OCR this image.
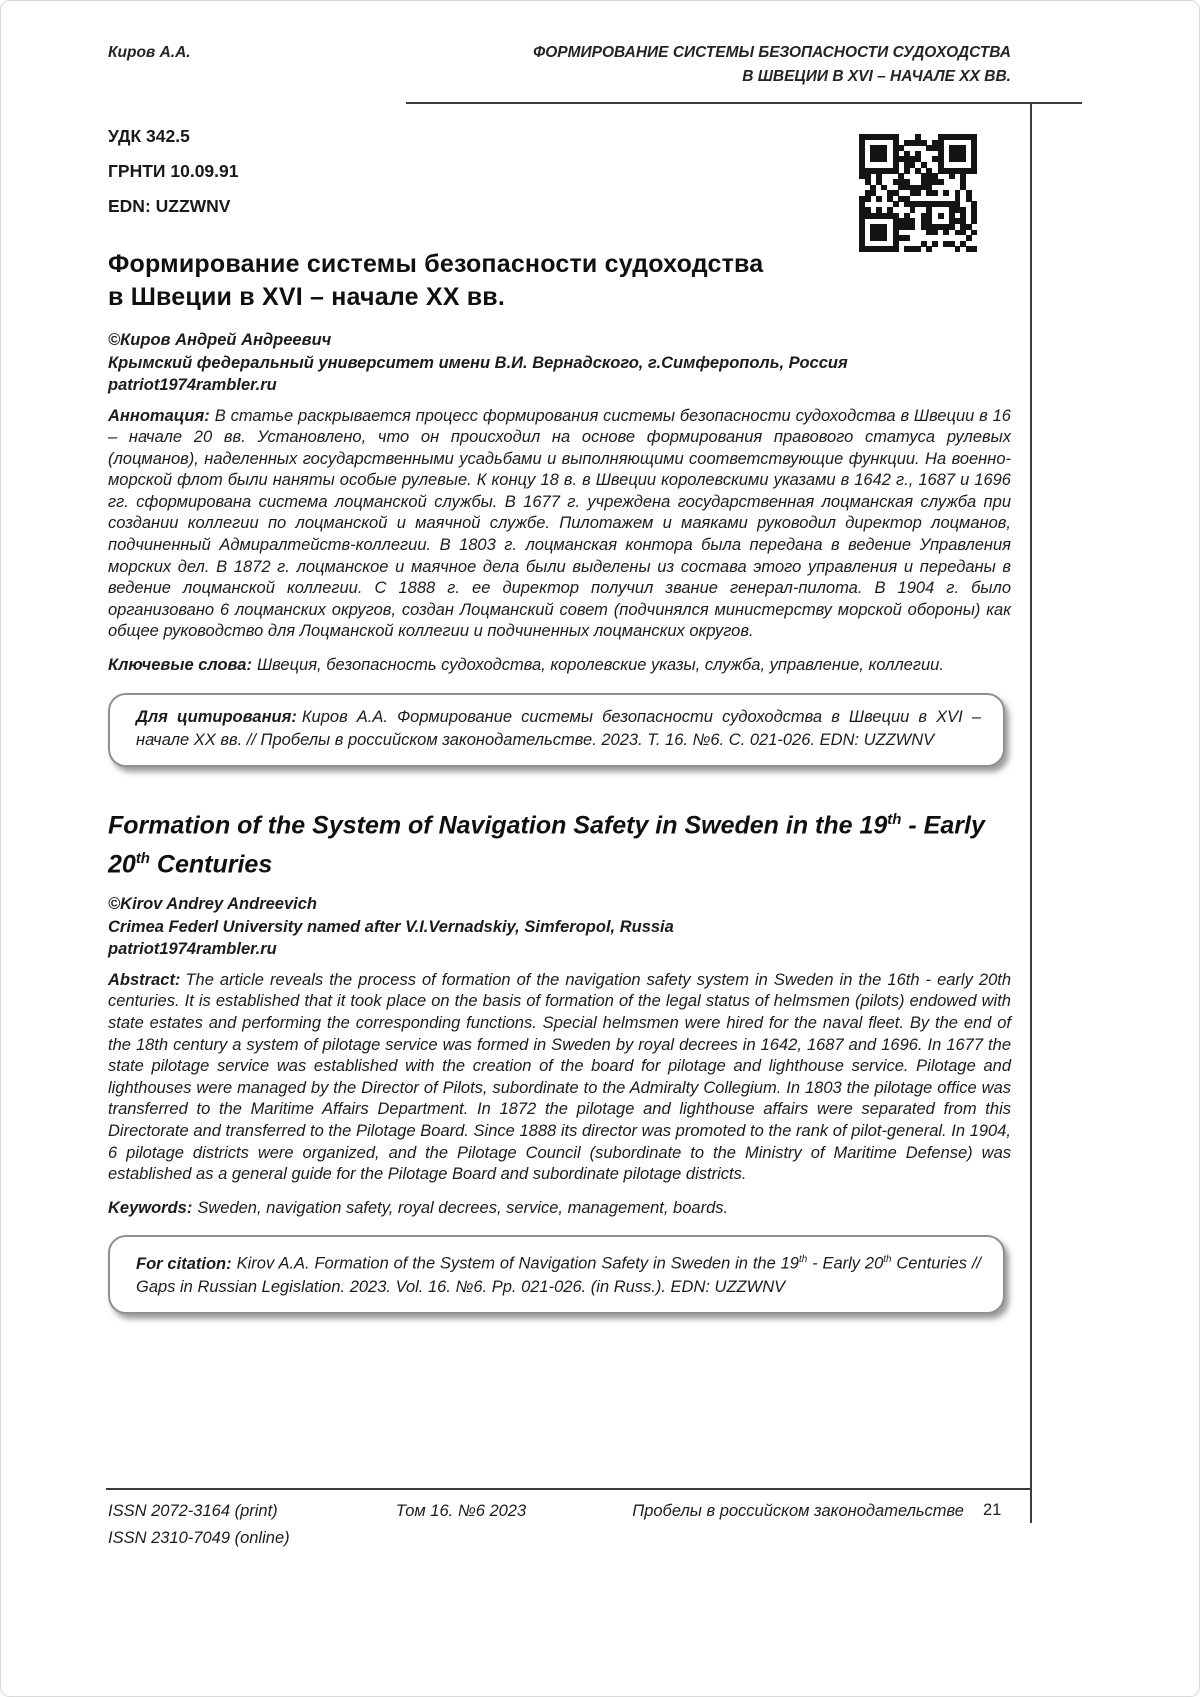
Киров А.А.	ФОРМИРОВАНИЕ СИСТЕМЫ БЕЗОПАСНОСТИ СУДОХОДСТВА
В ШВЕЦИИ В XVI – НАЧАЛЕ XX ВВ.
УДК 342.5
ГРНТИ 10.09.91
EDN: UZZWNV
Формирование системы безопасности судоходства
в Швеции в XVI – начале XX вв.
©Киров Андрей Андреевич
Крымский федеральный университет имени В.И. Вернадского, г.Симферополь, Россия
patriot1974rambler.ru

Аннотация: В статье раскрывается процесс формирования системы безопасности судоходства в Швеции в 16 – начале 20 вв. Установлено, что он происходил на основе формирования правового статуса рулевых (лоцманов), наделенных государственными усадьбами и выполняющими соответствующие функции. На военно-морской флот были наняты особые рулевые. К концу 18 в. в Швеции королевскими указами в 1642 г., 1687 и 1696 гг. сформирована система лоцманской службы. В 1677 г. учреждена государственная лоцманская служба при создании коллегии по лоцманской и маячной службе. Пилотажем и маяками руководил директор лоцманов, подчиненный Адмиралтейств-коллегии. В 1803 г. лоцманская контора была передана в ведение Управления морских дел. В 1872 г. лоцманское и маячное дела были выделены из состава этого управления и переданы в ведение лоцманской коллегии. С 1888 г. ее директор получил звание генерал-пилота. В 1904 г. было организовано 6 лоцманских округов, создан Лоцманский совет (подчинялся министерству морской обороны) как общее руководство для Лоцманской коллегии и подчиненных лоцманских округов.

Ключевые слова: Швеция, безопасность судоходства, королевские указы, служба, управление, коллегии.

Для цитирования: Киров А.А. Формирование системы безопасности судоходства в Швеции в XVI – начале XX вв. // Пробелы в российском законодательстве. 2023. Т. 16. №6. С. 021-026. EDN: UZZWNV

Formation of the System of Navigation Safety in Sweden in the 19th - Early 20th Centuries
©Kirov Andrey Andreevich
Crimea Federl University named after V.I.Vernadskiy, Simferopol, Russia
patriot1974rambler.ru

Abstract: The article reveals the process of formation of the navigation safety system in Sweden in the 16th - early 20th centuries. It is established that it took place on the basis of formation of the legal status of helmsmen (pilots) endowed with state estates and performing the corresponding functions. Special helmsmen were hired for the naval fleet. By the end of the 18th century a system of pilotage service was formed in Sweden by royal decrees in 1642, 1687 and 1696. In 1677 the state pilotage service was established with the creation of the board for pilotage and lighthouse service. Pilotage and lighthouses were managed by the Director of Pilots, subordinate to the Admiralty Collegium. In 1803 the pilotage office was transferred to the Maritime Affairs Department. In 1872 the pilotage and lighthouse affairs were separated from this Directorate and transferred to the Pilotage Board. Since 1888 its director was promoted to the rank of pilot-general. In 1904, 6 pilotage districts were organized, and the Pilotage Council (subordinate to the Ministry of Maritime Defense) was established as a general guide for the Pilotage Board and subordinate pilotage districts.

Keywords: Sweden, navigation safety, royal decrees, service, management, boards.

For citation: Kirov A.A. Formation of the System of Navigation Safety in Sweden in the 19th - Early 20th Centuries // Gaps in Russian Legislation. 2023. Vol. 16. №6. Pp. 021-026. (in Russ.). EDN: UZZWNV

ISSN 2072-3164 (print)
ISSN 2310-7049 (online)
Том 16. №6 2023	Пробелы в российском законодательстве 21
